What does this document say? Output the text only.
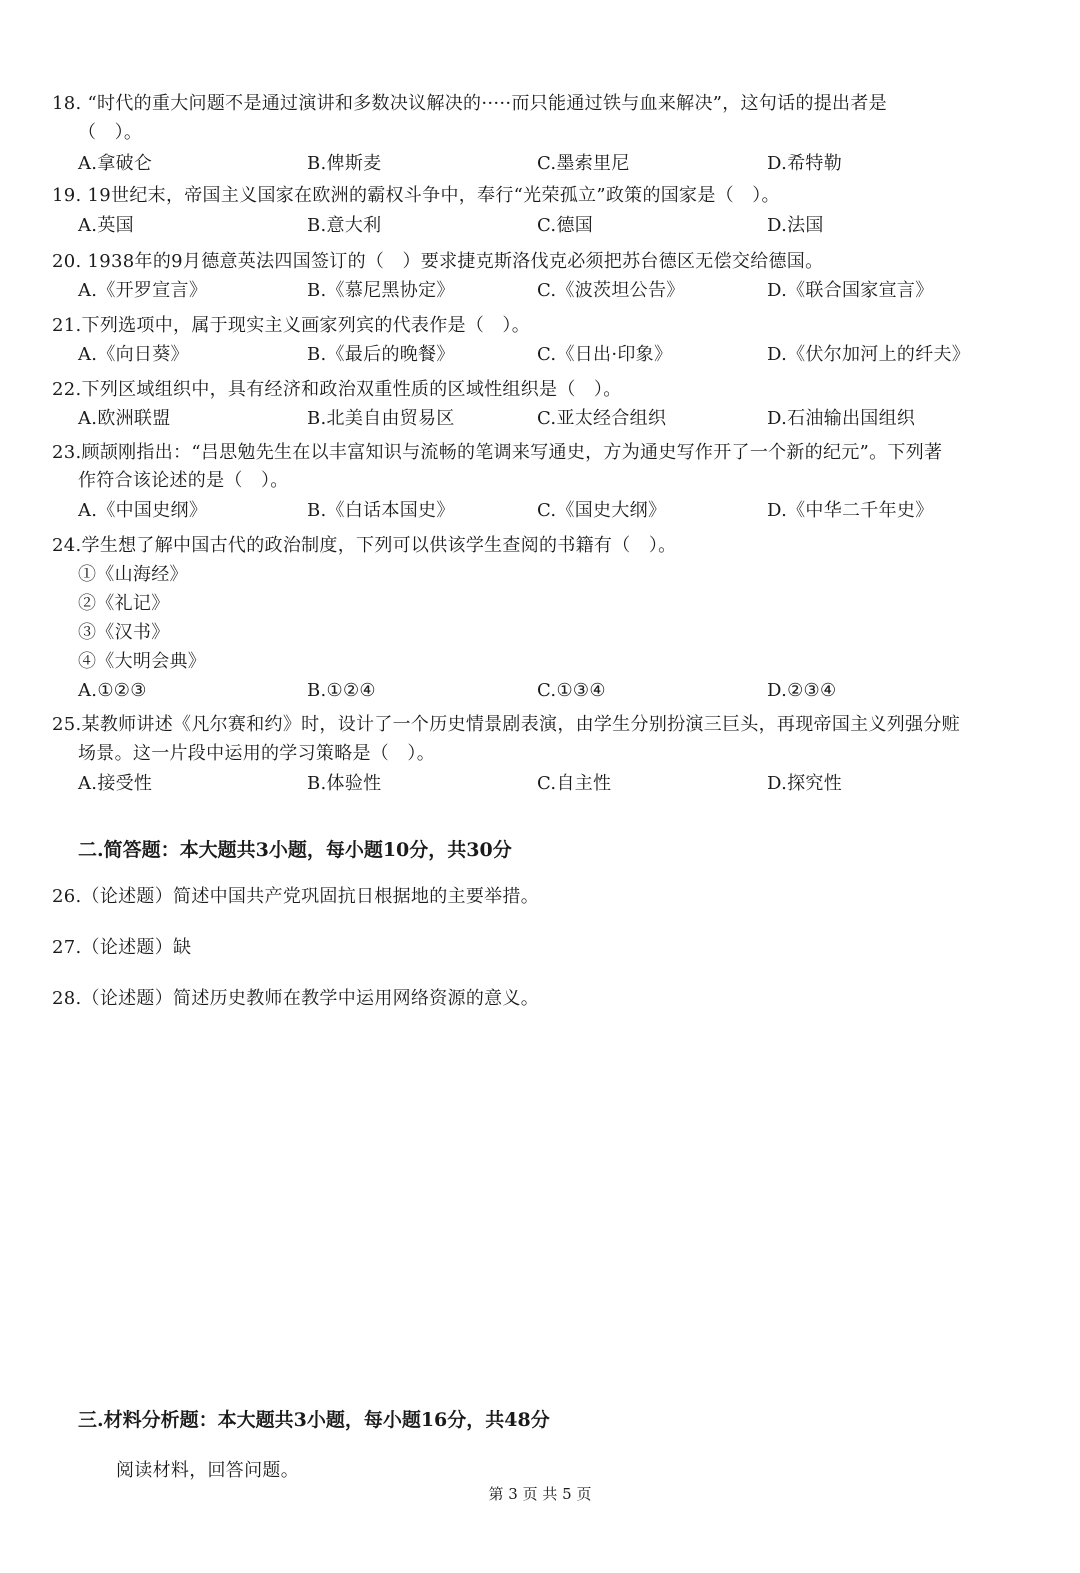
18. “时代的重大问题不是通过演讲和多数决议解决的·····而只能通过铁与血来解决”，这句话的提出者是
（　）。
A.拿破仑	B.俾斯麦	C.墨索里尼	D.希特勒
19. 19世纪末，帝国主义国家在欧洲的霸权斗争中，奉行“光荣孤立”政策的国家是（　）。
A.英国	B.意大利	C.德国	D.法国
20. 1938年的9月德意英法四国签订的（　）要求捷克斯洛伐克必须把苏台德区无偿交给德国。
A.《开罗宣言》	B.《慕尼黑协定》	C.《波茨坦公告》	D.《联合国家宣言》
21.下列选项中，属于现实主义画家列宾的代表作是（　）。
A.《向日葵》	B.《最后的晚餐》	C.《日出·印象》	D.《伏尔加河上的纤夫》
22.下列区域组织中，具有经济和政治双重性质的区域性组织是（　）。
A.欧洲联盟	B.北美自由贸易区	C.亚太经合组织	D.石油输出国组织
23.顾颉刚指出：“吕思勉先生在以丰富知识与流畅的笔调来写通史，方为通史写作开了一个新的纪元”。下列著
作符合该论述的是（　）。
A.《中国史纲》	B.《白话本国史》	C.《国史大纲》	D.《中华二千年史》
24.学生想了解中国古代的政治制度，下列可以供该学生查阅的书籍有（　）。
①《山海经》
②《礼记》
③《汉书》
④《大明会典》
A.①②③	B.①②④	C.①③④	D.②③④
25.某教师讲述《凡尔赛和约》时，设计了一个历史情景剧表演，由学生分别扮演三巨头，再现帝国主义列强分赃
场景。这一片段中运用的学习策略是（　）。
A.接受性	B.体验性	C.自主性	D.探究性
二.简答题：本大题共3小题，每小题10分，共30分
26.（论述题）简述中国共产党巩固抗日根据地的主要举措。
27.（论述题）缺
28.（论述题）简述历史教师在教学中运用网络资源的意义。
三.材料分析题：本大题共3小题，每小题16分，共48分
阅读材料，回答问题。
第 3 页 共 5 页
